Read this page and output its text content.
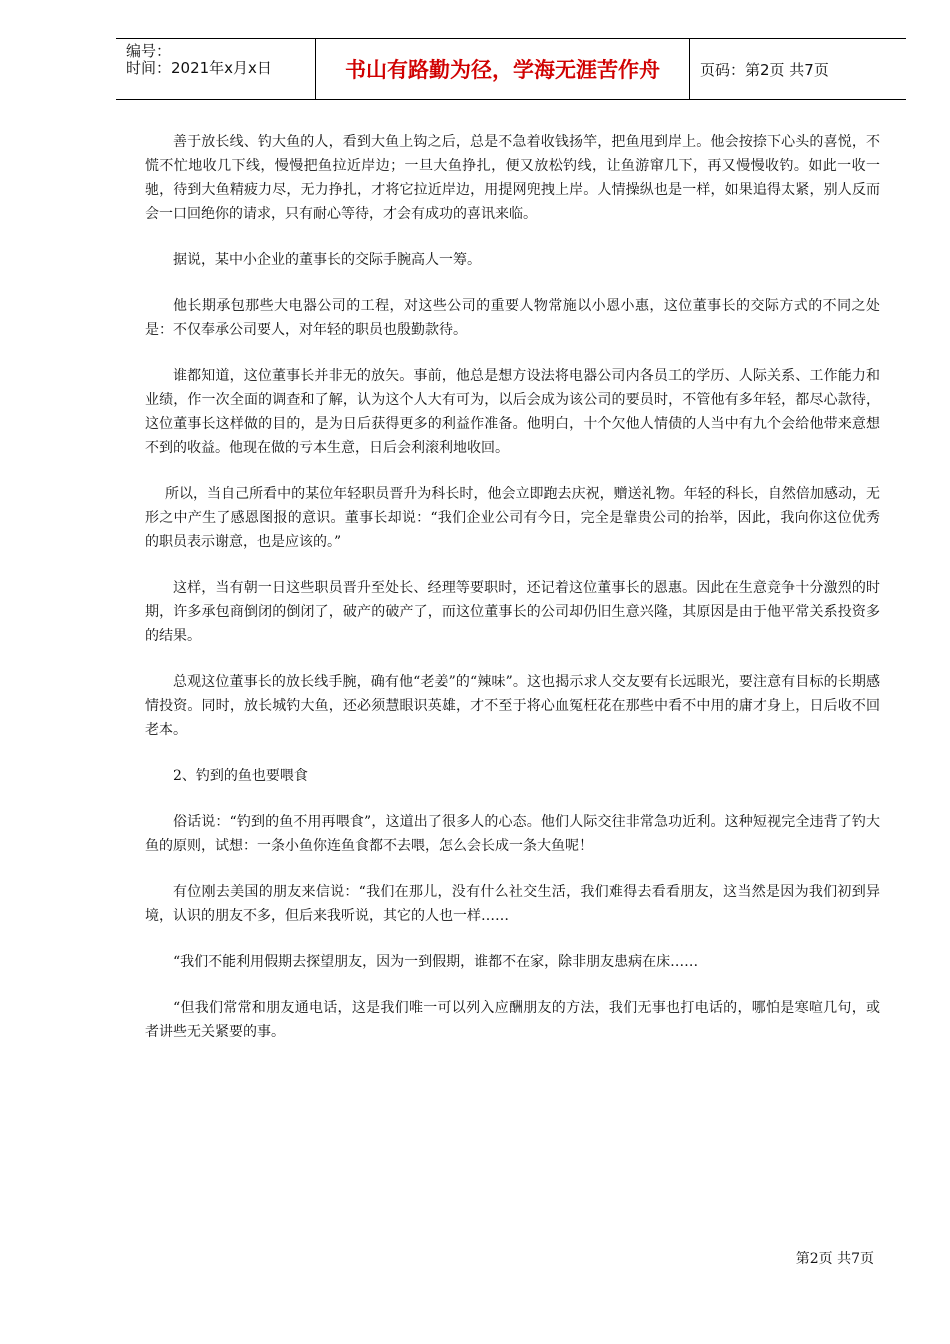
编号：
时间：2021年x月x日	书山有路勤为径，学海无涯苦作舟	页码：第2页 共7页

善于放长线、钓大鱼的人，看到大鱼上钩之后，总是不急着收钱扬竿，把鱼甩到岸上。他会按捺下心头的喜悦，不慌不忙地收几下线，慢慢把鱼拉近岸边；一旦大鱼挣扎，便又放松钓线，让鱼游窜几下，再又慢慢收钓。如此一收一驰，待到大鱼精疲力尽，无力挣扎，才将它拉近岸边，用提网兜拽上岸。人情操纵也是一样，如果追得太紧，别人反而会一口回绝你的请求，只有耐心等待，才会有成功的喜讯来临。

据说，某中小企业的董事长的交际手腕高人一筹。

他长期承包那些大电器公司的工程，对这些公司的重要人物常施以小恩小惠，这位董事长的交际方式的不同之处是：不仅奉承公司要人，对年轻的职员也殷勤款待。

谁都知道，这位董事长并非无的放矢。事前，他总是想方设法将电器公司内各员工的学历、人际关系、工作能力和业绩，作一次全面的调查和了解，认为这个人大有可为，以后会成为该公司的要员时，不管他有多年轻，都尽心款待，这位董事长这样做的目的，是为日后获得更多的利益作准备。他明白，十个欠他人情债的人当中有九个会给他带来意想不到的收益。他现在做的亏本生意，日后会利滚利地收回。

所以，当自己所看中的某位年轻职员晋升为科长时，他会立即跑去庆祝，赠送礼物。年轻的科长，自然倍加感动，无形之中产生了感恩图报的意识。董事长却说：“我们企业公司有今日，完全是靠贵公司的抬举，因此，我向你这位优秀的职员表示谢意，也是应该的。”

这样，当有朝一日这些职员晋升至处长、经理等要职时，还记着这位董事长的恩惠。因此在生意竞争十分激烈的时期，许多承包商倒闭的倒闭了，破产的破产了，而这位董事长的公司却仍旧生意兴隆，其原因是由于他平常关系投资多的结果。

总观这位董事长的放长线手腕，确有他“老姜”的“辣味”。这也揭示求人交友要有长远眼光，要注意有目标的长期感情投资。同时，放长城钓大鱼，还必须慧眼识英雄，才不至于将心血冤枉花在那些中看不中用的庸才身上，日后收不回老本。

2、钓到的鱼也要喂食

俗话说：“钓到的鱼不用再喂食”，这道出了很多人的心态。他们人际交往非常急功近利。这种短视完全违背了钓大鱼的原则，试想：一条小鱼你连鱼食都不去喂，怎么会长成一条大鱼呢！

有位刚去美国的朋友来信说：“我们在那儿，没有什么社交生活，我们难得去看看朋友，这当然是因为我们初到异境，认识的朋友不多，但后来我听说，其它的人也一样……

“我们不能利用假期去探望朋友，因为一到假期，谁都不在家，除非朋友患病在床……

“但我们常常和朋友通电话，这是我们唯一可以列入应酬朋友的方法，我们无事也打电话的，哪怕是寒喧几句，或者讲些无关紧要的事。

第2页 共7页
